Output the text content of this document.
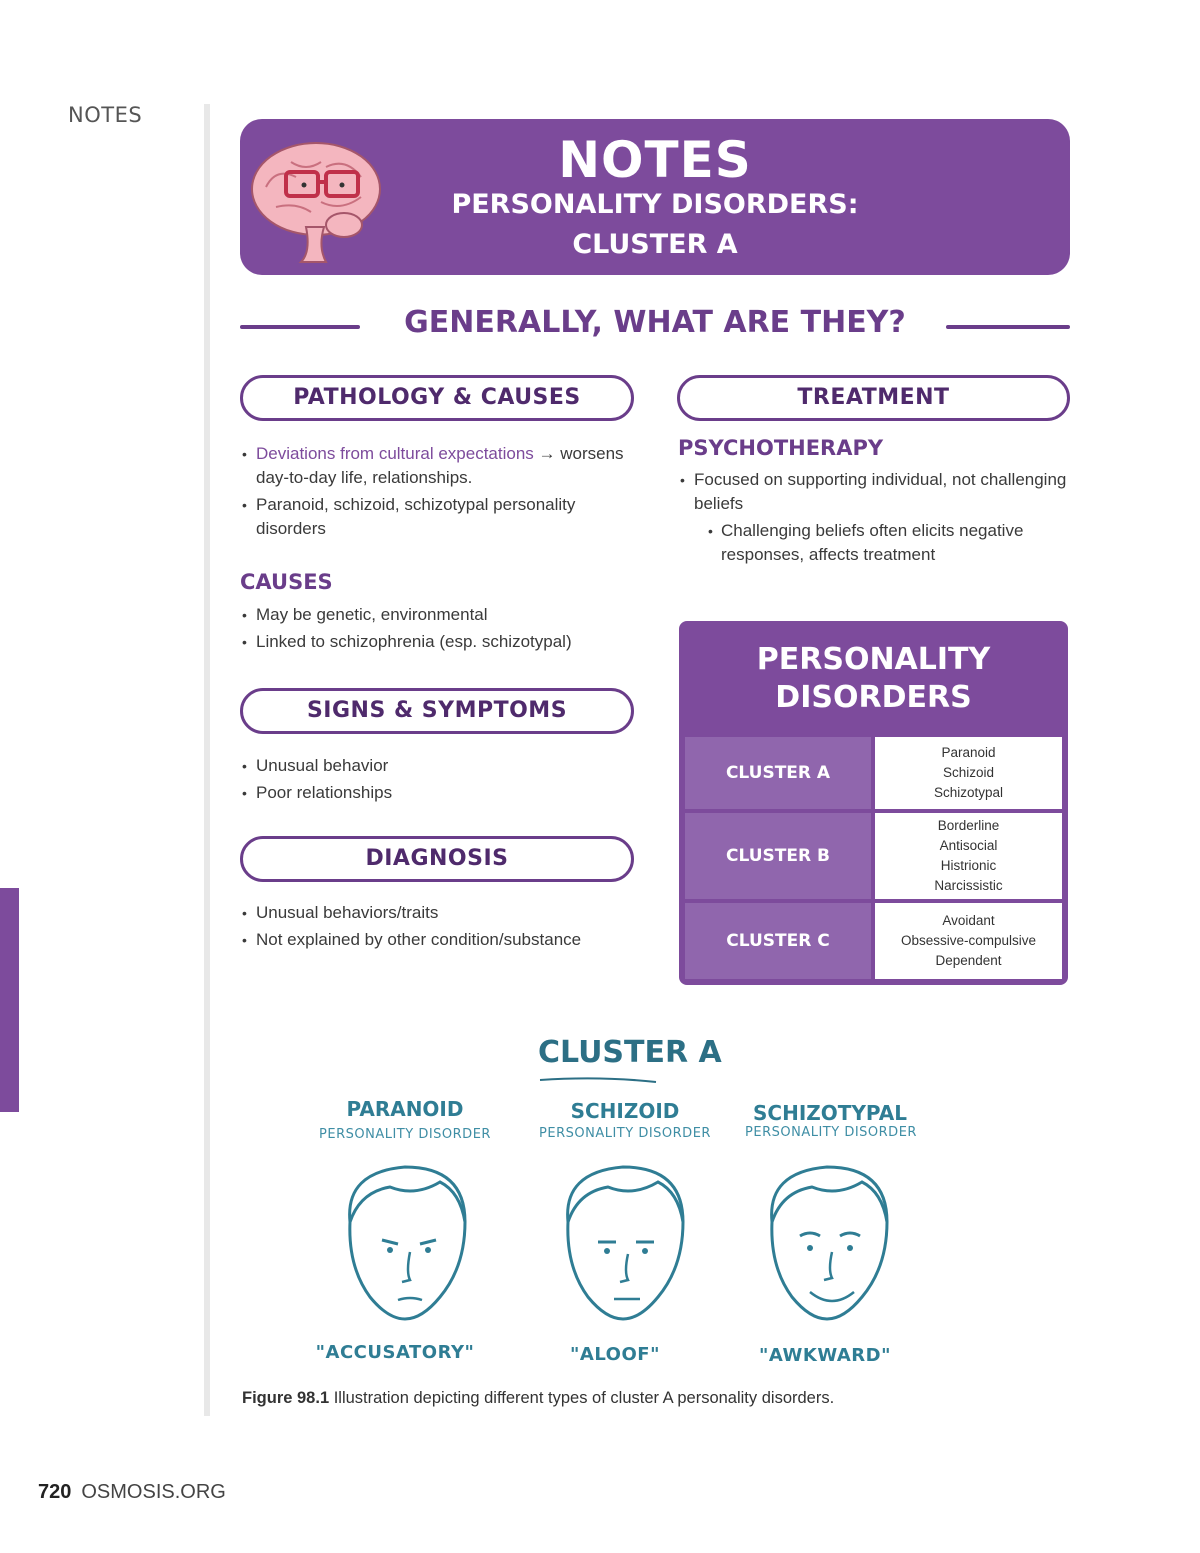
NOTES
NOTES
PERSONALITY DISORDERS:
CLUSTER A
GENERALLY, WHAT ARE THEY?
PATHOLOGY & CAUSES
• Deviations from cultural expectations → worsens day-to-day life, relationships.
• Paranoid, schizoid, schizotypal personality disorders
CAUSES
• May be genetic, environmental
• Linked to schizophrenia (esp. schizotypal)
SIGNS & SYMPTOMS
• Unusual behavior
• Poor relationships
DIAGNOSIS
• Unusual behaviors/traits
• Not explained by other condition/substance
TREATMENT
PSYCHOTHERAPY
• Focused on supporting individual, not challenging beliefs
• Challenging beliefs often elicits negative responses, affects treatment
PERSONALITY
DISORDERS
CLUSTER A
Paranoid
Schizoid
Schizotypal
CLUSTER B
Borderline
Antisocial
Histrionic
Narcissistic
CLUSTER C
Avoidant
Obsessive-compulsive
Dependent
CLUSTER A
PARANOID
PERSONALITY DISORDER
SCHIZOID
PERSONALITY DISORDER
SCHIZOTYPAL
PERSONALITY DISORDER
"ACCUSATORY"	"ALOOF"	"AWKWARD"
Figure 98.1 Illustration depicting different types of cluster A personality disorders.
720 OSMOSIS.ORG
